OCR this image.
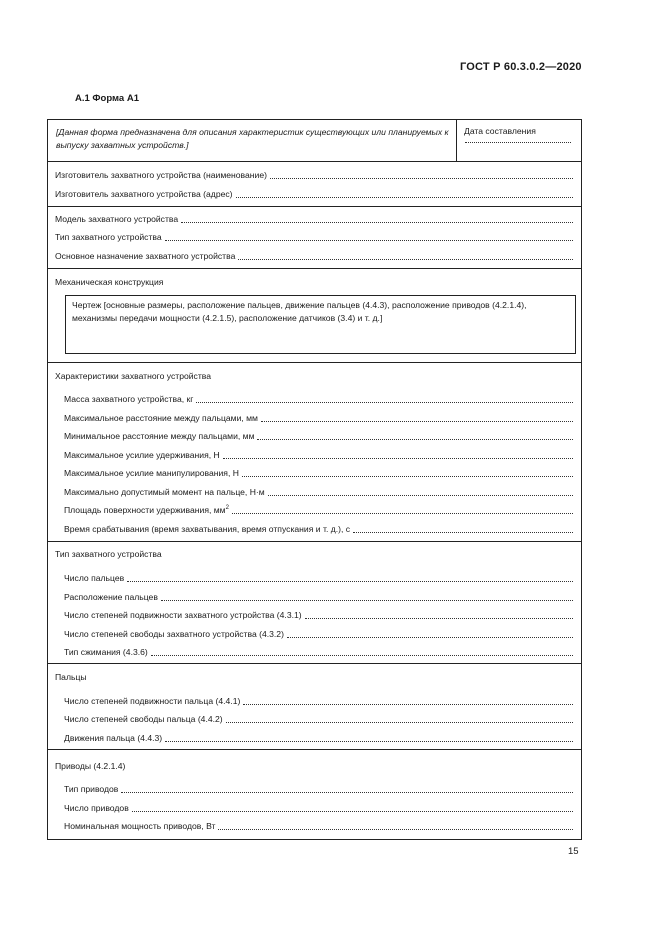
ГОСТ Р 60.3.0.2—2020
А.1 Форма А1
[Данная форма предназначена для описания характеристик существующих или планируемых к выпуску захватных устройств.]
Дата составления
Изготовитель захватного устройства (наименование)
Изготовитель захватного устройства (адрес)
Модель захватного устройства
Тип захватного устройства
Основное назначение захватного устройства
Механическая конструкция
Чертеж [основные размеры, расположение пальцев, движение пальцев (4.4.3), расположение приводов (4.2.1.4), механизмы передачи мощности (4.2.1.5), расположение датчиков (3.4) и т. д.]
Характеристики захватного устройства
Масса захватного устройства, кг
Максимальное расстояние между пальцами, мм
Минимальное расстояние между пальцами, мм
Максимальное усилие удерживания, Н
Максимальное усилие манипулирования, Н
Максимально допустимый момент на пальце, Н·м
Площадь поверхности удерживания, $мм^2$
Время срабатывания (время захватывания, время отпускания и т. д.), с
Тип захватного устройства
Число пальцев
Расположение пальцев
Число степеней подвижности захватного устройства (4.3.1)
Число степеней свободы захватного устройства (4.3.2)
Тип сжимания (4.3.6)
Пальцы
Число степеней подвижности пальца (4.4.1)
Число степеней свободы пальца (4.4.2)
Движения пальца (4.4.3)
Приводы (4.2.1.4)
Тип приводов
Число приводов
Номинальная мощность приводов, Вт
15
